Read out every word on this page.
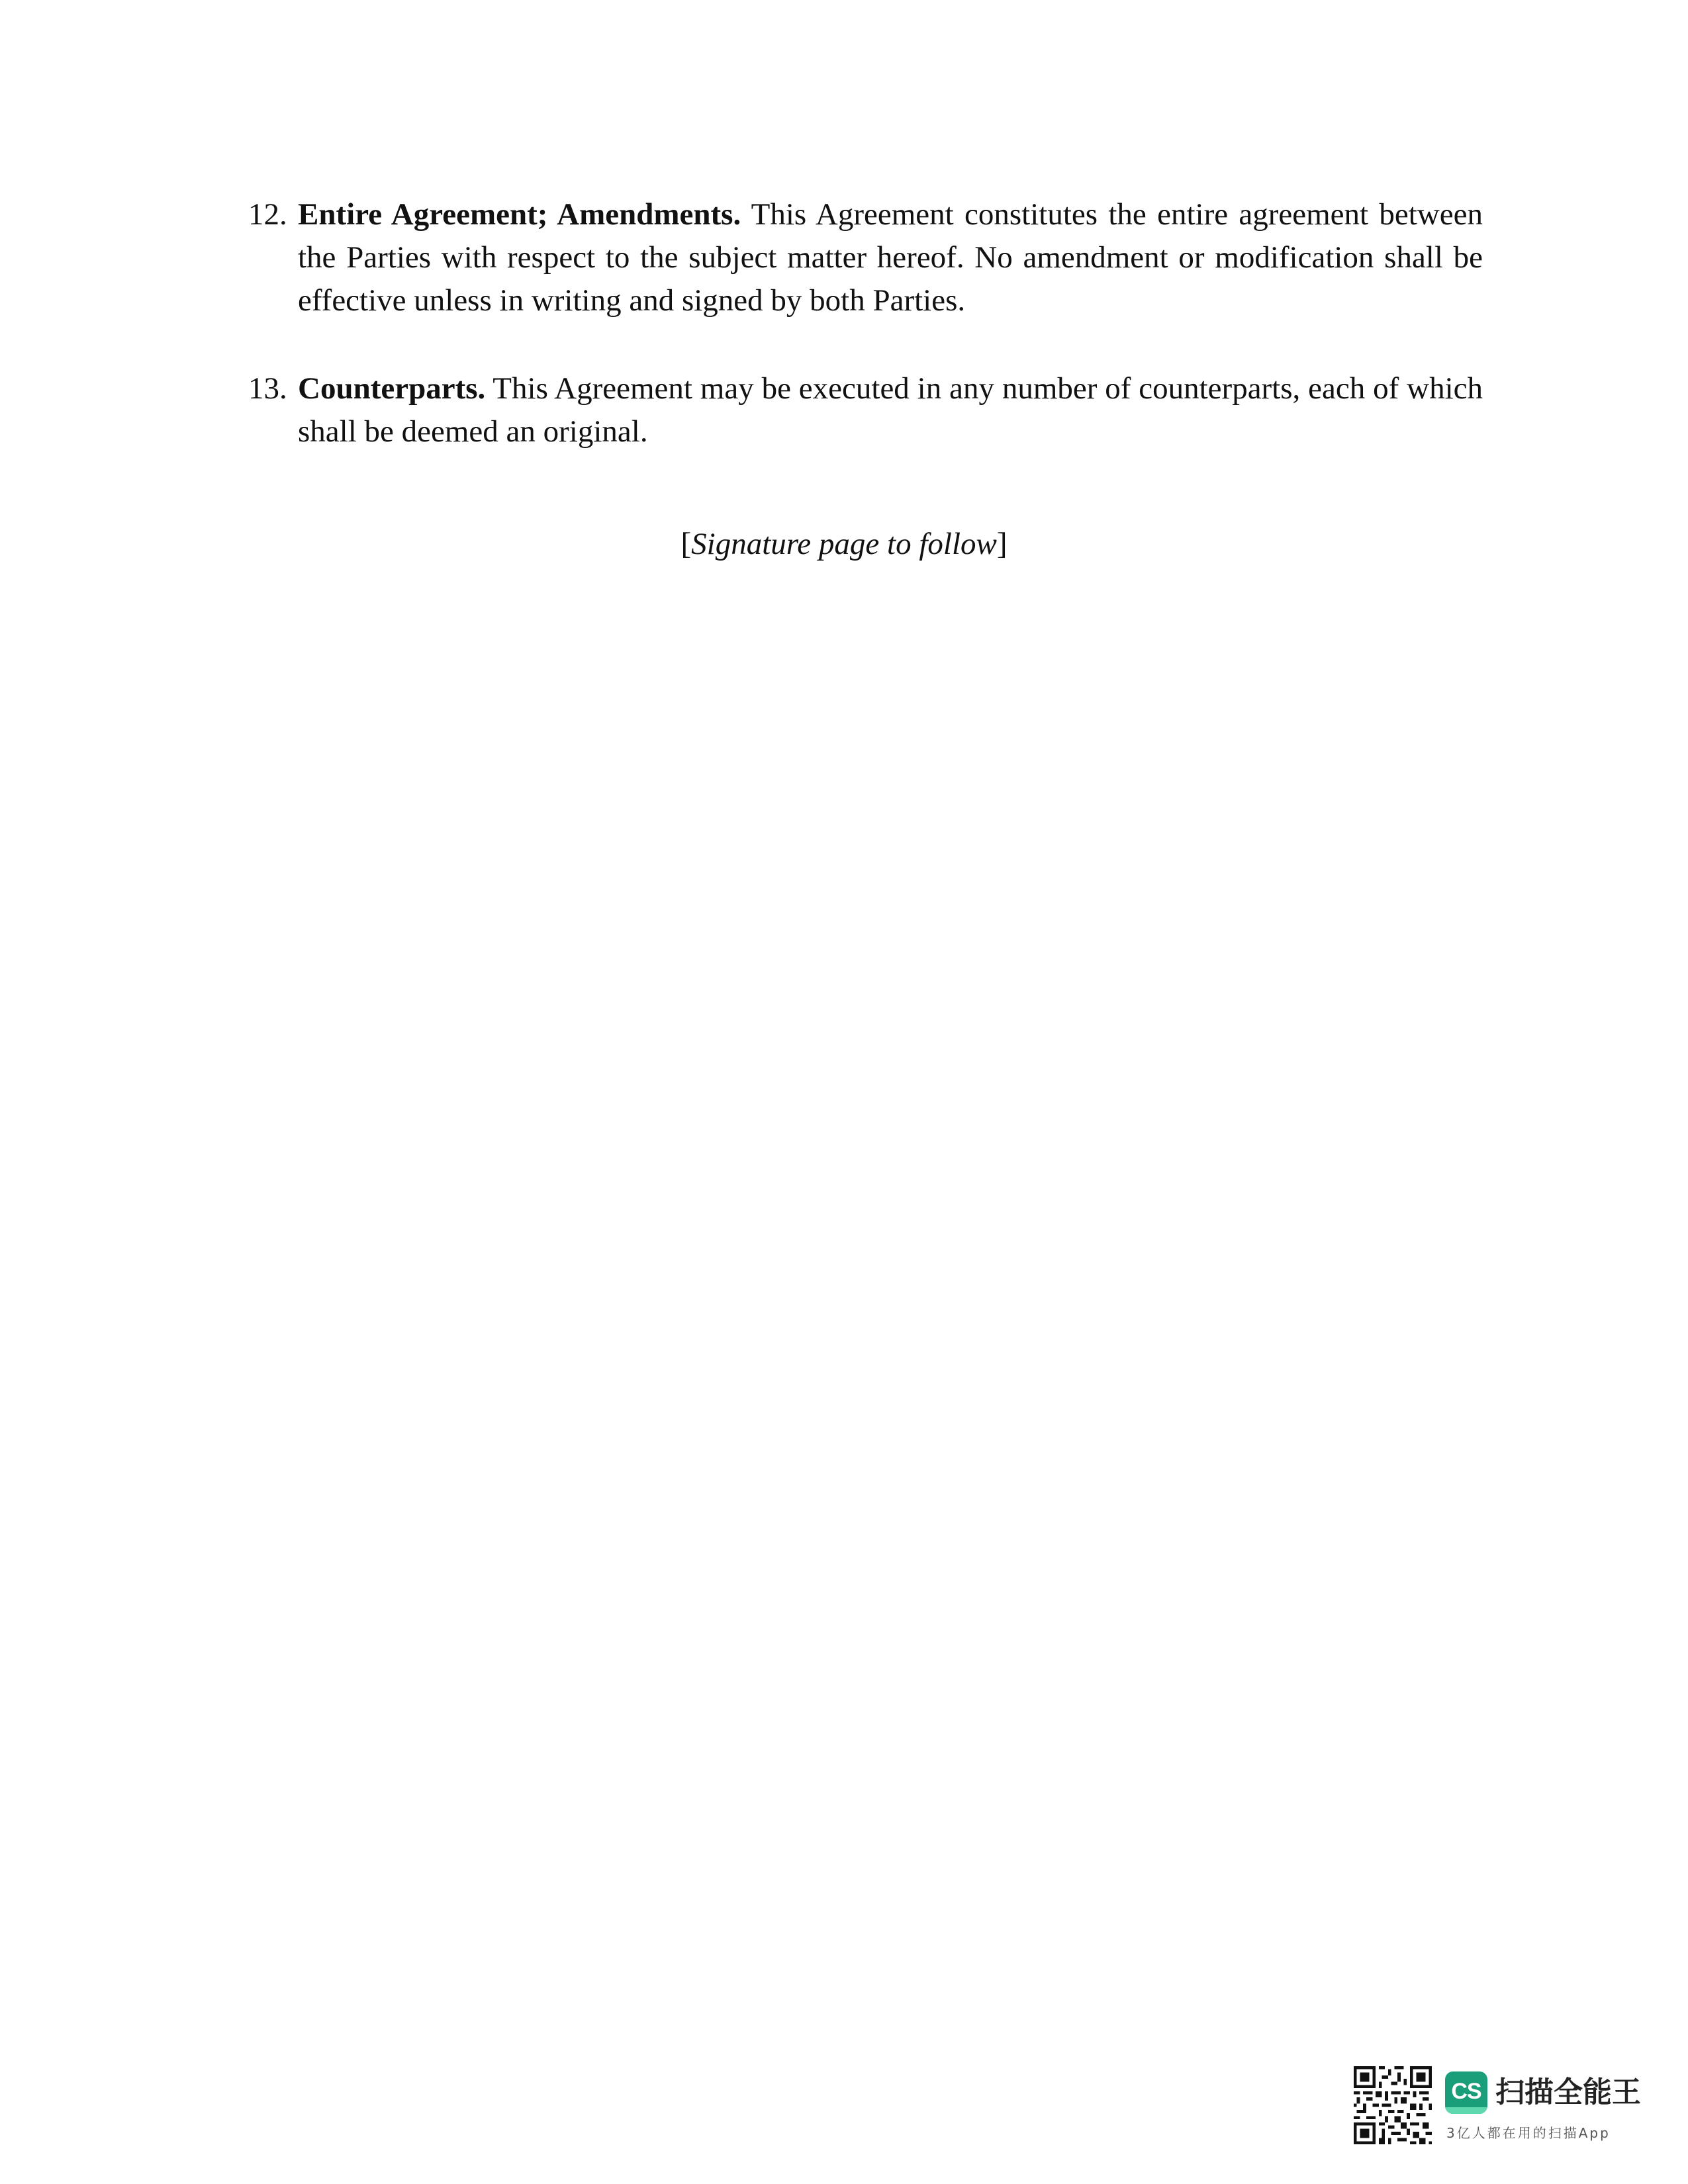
12. Entire Agreement; Amendments. This Agreement constitutes the entire agreement between the Parties with respect to the subject matter hereof. No amendment or modification shall be effective unless in writing and signed by both Parties.
13. Counterparts. This Agreement may be executed in any number of counterparts, each of which shall be deemed an original.
[Signature page to follow]
CS 扫描全能王
3亿人都在用的扫描App
